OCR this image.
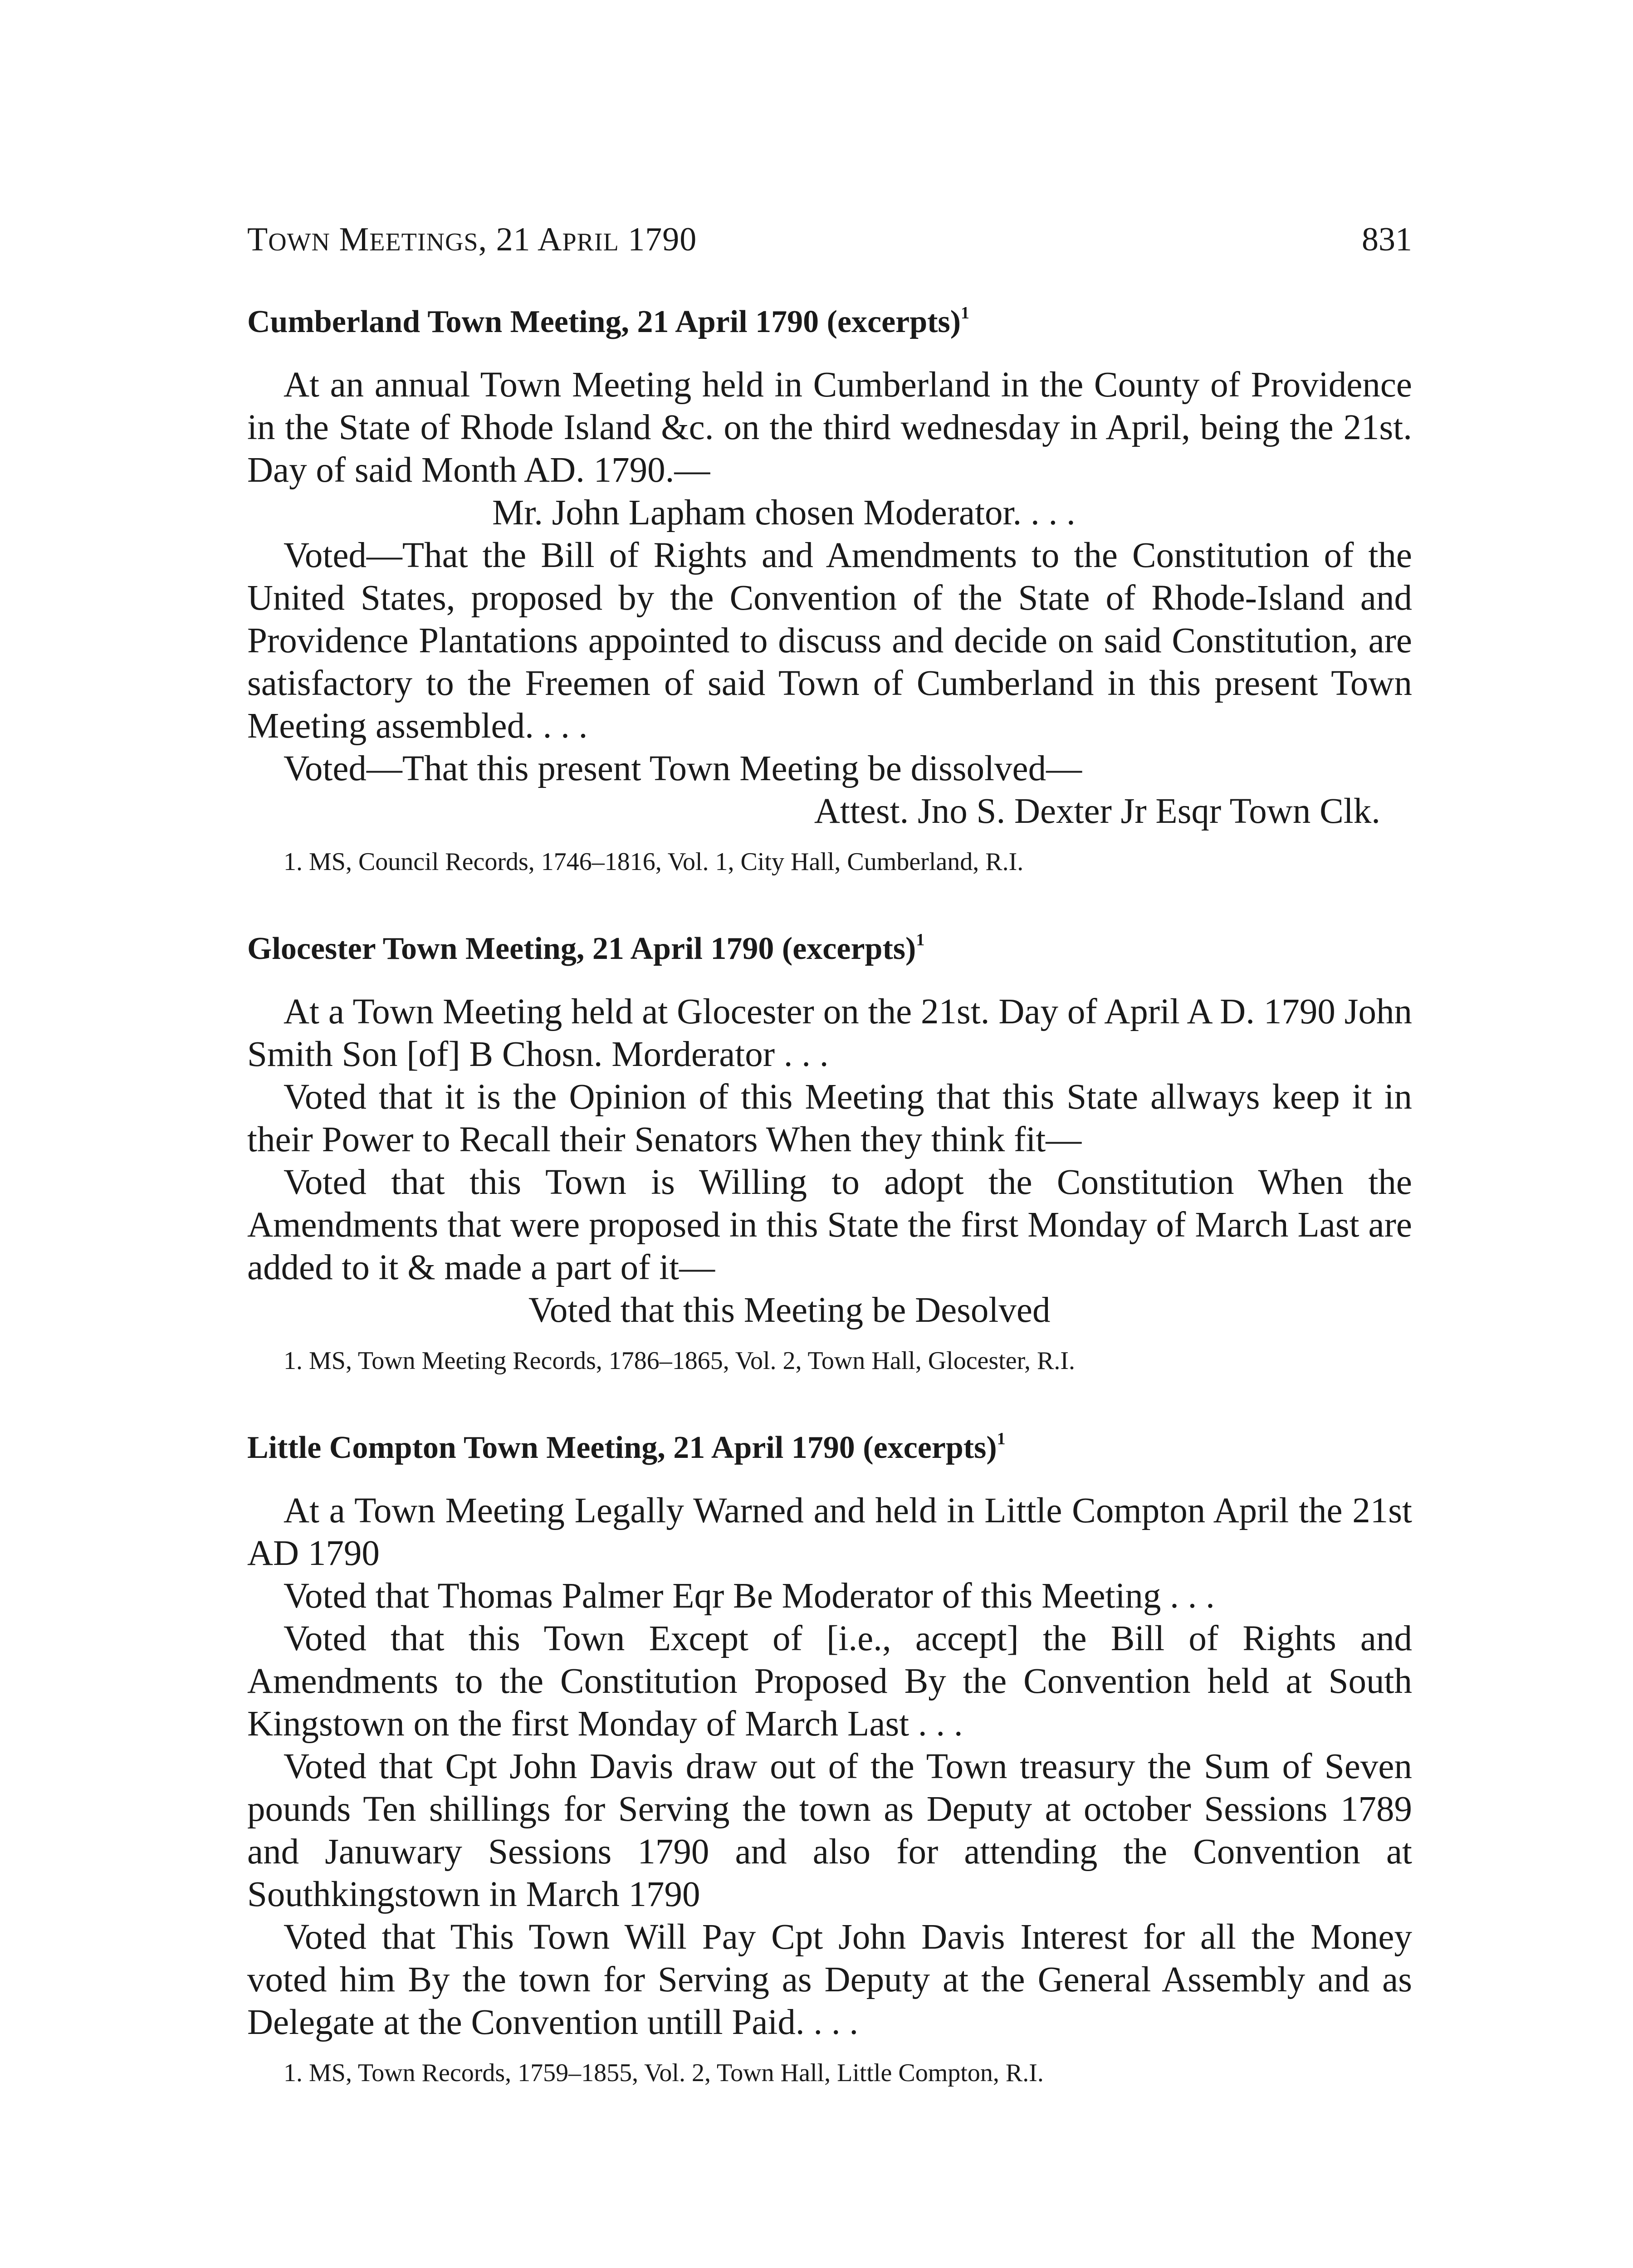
TOWN MEETINGS, 21 APRIL 1790	831
Cumberland Town Meeting, 21 April 1790 (excerpts)$^1$

At an annual Town Meeting held in Cumberland in the County of Providence in the State of Rhode Island &c. on the third wednesday in April, being the 21st. Day of said Month AD. 1790.—

Mr. John Lapham chosen Moderator. . . .

Voted—That the Bill of Rights and Amendments to the Constitution of the United States, proposed by the Convention of the State of Rhode-Island and Providence Plantations appointed to discuss and decide on said Constitution, are satisfactory to the Freemen of said Town of Cumberland in this present Town Meeting assembled. . . .

Voted—That this present Town Meeting be dissolved—

Attest. Jno S. Dexter Jr Esqr Town Clk.

1. MS, Council Records, 1746–1816, Vol. 1, City Hall, Cumberland, R.I.

Glocester Town Meeting, 21 April 1790 (excerpts)$^1$

At a Town Meeting held at Glocester on the 21st. Day of April A D. 1790 John Smith Son [of] B Chosn. Morderator . . .

Voted that it is the Opinion of this Meeting that this State allways keep it in their Power to Recall their Senators When they think fit—

Voted that this Town is Willing to adopt the Constitution When the Amendments that were proposed in this State the first Monday of March Last are added to it & made a part of it—

Voted that this Meeting be Desolved

1. MS, Town Meeting Records, 1786–1865, Vol. 2, Town Hall, Glocester, R.I.

Little Compton Town Meeting, 21 April 1790 (excerpts)$^1$

At a Town Meeting Legally Warned and held in Little Compton April the 21st AD 1790

Voted that Thomas Palmer Eqr Be Moderator of this Meeting . . .

Voted that this Town Except of [i.e., accept] the Bill of Rights and Amendments to the Constitution Proposed By the Convention held at South Kingstown on the first Monday of March Last . . .

Voted that Cpt John Davis draw out of the Town treasury the Sum of Seven pounds Ten shillings for Serving the town as Deputy at october Sessions 1789 and Januwary Sessions 1790 and also for attending the Convention at Southkingstown in March 1790

Voted that This Town Will Pay Cpt John Davis Interest for all the Money voted him By the town for Serving as Deputy at the General Assembly and as Delegate at the Convention untill Paid. . . .

1. MS, Town Records, 1759–1855, Vol. 2, Town Hall, Little Compton, R.I.
